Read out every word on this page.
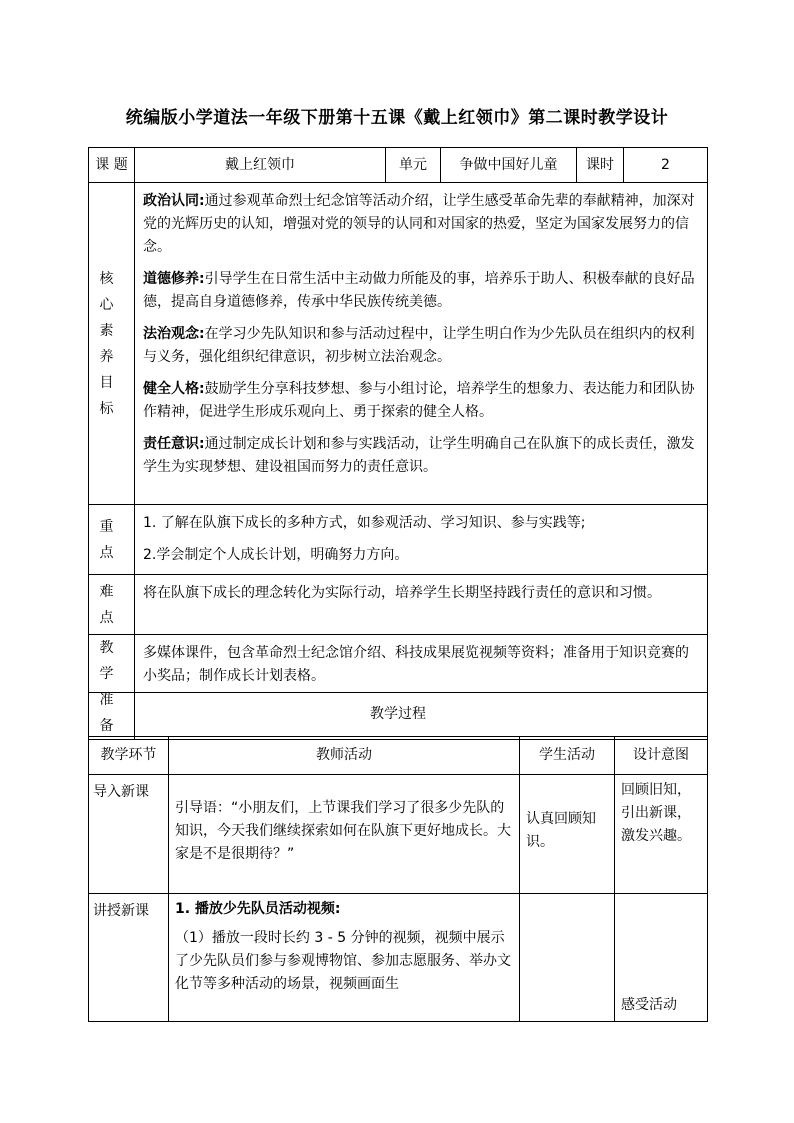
统编版小学道法一年级下册第十五课《戴上红领巾》第二课时教学设计
课 题	戴上红领巾	单元	争做中国好儿童	课时	2
核 心 素 养 目 标	政治认同:通过参观革命烈士纪念馆等活动介绍，让学生感受革命先辈的奉献精神，加深对党的光辉历史的认知，增强对党的领导的认同和对国家的热爱，坚定为国家发展努力的信念。
道德修养:引导学生在日常生活中主动做力所能及的事，培养乐于助人、积极奉献的良好品德，提高自身道德修养，传承中华民族传统美德。
法治观念:在学习少先队知识和参与活动过程中，让学生明白作为少先队员在组织内的权利与义务，强化组织纪律意识，初步树立法治观念。
健全人格:鼓励学生分享科技梦想、参与小组讨论，培养学生的想象力、表达能力和团队协作精神，促进学生形成乐观向上、勇于探索的健全人格。
责任意识:通过制定成长计划和参与实践活动，让学生明确自己在队旗下的成长责任，激发学生为实现梦想、建设祖国而努力的责任意识。				

重 点	1. 了解在队旗下成长的多种方式，如参观活动、学习知识、参与实践等;
2.学会制定个人成长计划，明确努力方向。				

难 点	将在队旗下成长的理念转化为实际行动，培养学生长期坚持践行责任的意识和习惯。				

教 学 准 备	多媒体课件，包含革命烈士纪念馆介绍、科技成果展览视频等资料；准备用于知识竞赛的小奖品；制作成长计划表格。				
教学过程			
教学环节	教师活动	学生活动	设计意图
导入新课	引导语：“小朋友们，上节课我们学习了很多少先队的知识，今天我们继续探索如何在队旗下更好地成长。大家是不是很期待？”	认真回顾知识。	回顾旧知，引出新课，激发兴趣。
讲授新课	1. 播放少先队员活动视频:
（1）播放一段时长约 3 - 5 分钟的视频，视频中展示了少先队员们参与参观博物馆、参加志愿服务、举办文化节等多种活动的场景，视频画面生		感受活动
